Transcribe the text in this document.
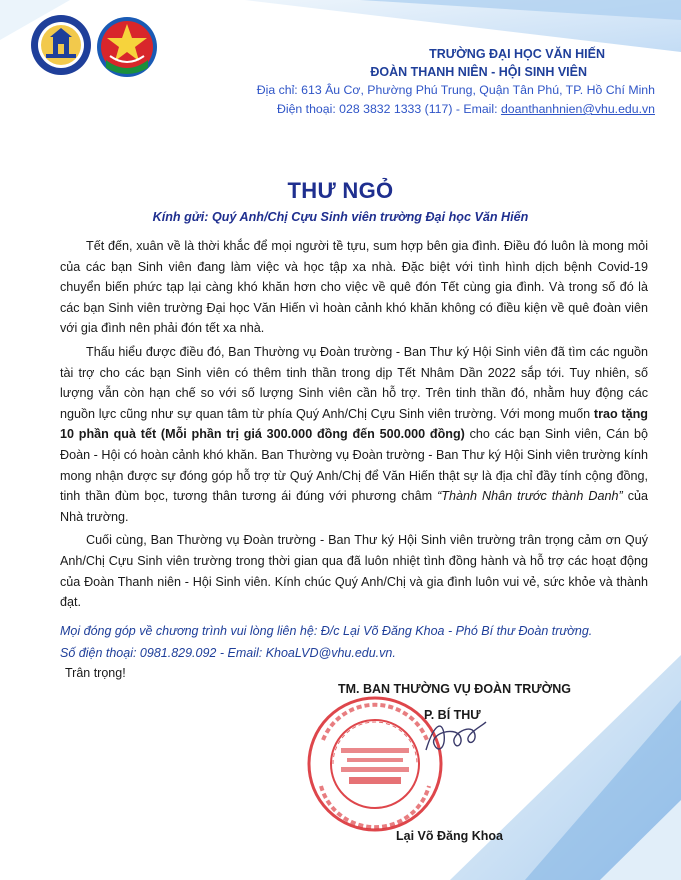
TRƯỜNG ĐẠI HỌC VĂN HIẾN
ĐOÀN THANH NIÊN - HỘI SINH VIÊN
Địa chỉ: 613 Âu Cơ, Phường Phú Trung, Quận Tân Phú, TP. Hồ Chí Minh
Điện thoại: 028 3832 1333 (117) - Email: doanthanhnien@vhu.edu.vn
THƯ NGỎ
Kính gửi: Quý Anh/Chị Cựu Sinh viên trường Đại học Văn Hiến

Tết đến, xuân về là thời khắc để mọi người tề tựu, sum hợp bên gia đình. Điều đó luôn là mong mỏi của các bạn Sinh viên đang làm việc và học tập xa nhà. Đặc biệt với tình hình dịch bệnh Covid-19 chuyển biến phức tạp lại càng khó khăn hơn cho việc về quê đón Tết cùng gia đình. Và trong số đó là các bạn Sinh viên trường Đại học Văn Hiến vì hoàn cảnh khó khăn không có điều kiện về quê đoàn viên với gia đình nên phải đón tết xa nhà.

Thấu hiểu được điều đó, Ban Thường vụ Đoàn trường - Ban Thư ký Hội Sinh viên đã tìm các nguồn tài trợ cho các bạn Sinh viên có thêm tinh thần trong dịp Tết Nhâm Dần 2022 sắp tới. Tuy nhiên, số lượng vẫn còn hạn chế so với số lượng Sinh viên cần hỗ trợ. Trên tinh thần đó, nhằm huy động các nguồn lực cũng như sự quan tâm từ phía Quý Anh/Chị Cựu Sinh viên trường. Với mong muốn trao tặng 10 phần quà tết (Mỗi phần trị giá 300.000 đồng đến 500.000 đồng) cho các bạn Sinh viên, Cán bộ Đoàn - Hội có hoàn cảnh khó khăn. Ban Thường vụ Đoàn trường - Ban Thư ký Hội Sinh viên trường kính mong nhận được sự đóng góp hỗ trợ từ Quý Anh/Chị để Văn Hiến thật sự là địa chỉ đầy tính cộng đồng, tinh thần đùm bọc, tương thân tương ái đúng với phương châm “Thành Nhân trước thành Danh” của Nhà trường.

Cuối cùng, Ban Thường vụ Đoàn trường - Ban Thư ký Hội Sinh viên trường trân trọng cảm ơn Quý Anh/Chị Cựu Sinh viên trường trong thời gian qua đã luôn nhiệt tình đồng hành và hỗ trợ các hoạt động của Đoàn Thanh niên - Hội Sinh viên. Kính chúc Quý Anh/Chị và gia đình luôn vui vẻ, sức khỏe và thành đạt.

Mọi đóng góp về chương trình vui lòng liên hệ: Đ/c Lại Võ Đăng Khoa - Phó Bí thư Đoàn trường.
Số điện thoại: 0981.829.092 - Email: KhoaLVD@vhu.edu.vn.
Trân trọng!
TM. BAN THƯỜNG VỤ ĐOÀN TRƯỜNG
P. BÍ THƯ
Lại Võ Đăng Khoa
